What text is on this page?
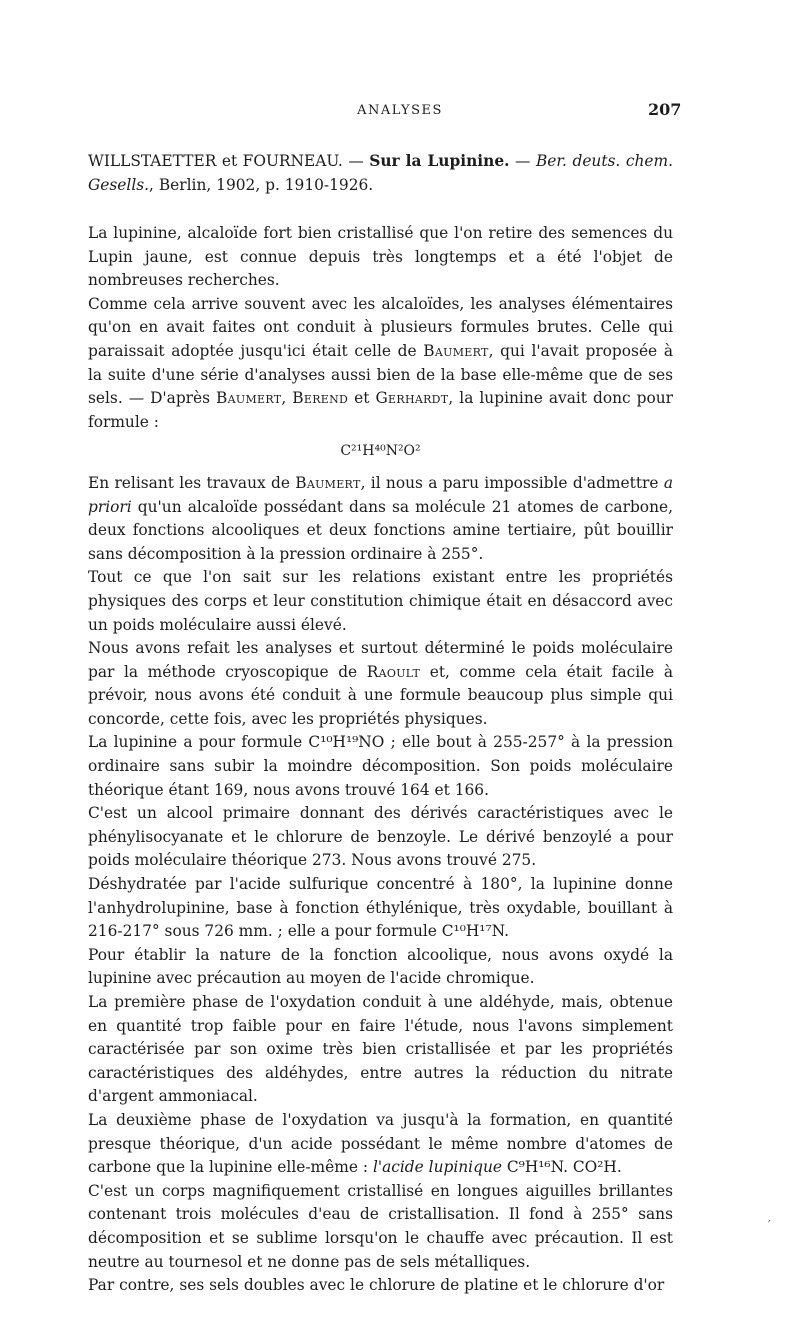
ANALYSES	207
WILLSTAETTER et FOURNEAU. — Sur la Lupinine. — Ber. deuts. chem. Gesells., Berlin, 1902, p. 1910-1926.

La lupinine, alcaloïde fort bien cristallisé que l'on retire des semences du Lupin jaune, est connue depuis très longtemps et a été l'objet de nombreuses recherches.

Comme cela arrive souvent avec les alcaloïdes, les analyses élémentaires qu'on en avait faites ont conduit à plusieurs formules brutes. Celle qui paraissait adoptée jusqu'ici était celle de Baumert, qui l'avait proposée à la suite d'une série d'analyses aussi bien de la base elle-même que de ses sels. — D'après Baumert, Berend et Gerhardt, la lupinine avait donc pour formule :

C²¹H⁴⁰N²O²

En relisant les travaux de Baumert, il nous a paru impossible d'admettre a priori qu'un alcaloïde possédant dans sa molécule 21 atomes de carbone, deux fonctions alcooliques et deux fonctions amine tertiaire, pût bouillir sans décomposition à la pression ordinaire à 255°.

Tout ce que l'on sait sur les relations existant entre les propriétés physiques des corps et leur constitution chimique était en désaccord avec un poids moléculaire aussi élevé.

Nous avons refait les analyses et surtout déterminé le poids moléculaire par la méthode cryoscopique de Raoult et, comme cela était facile à prévoir, nous avons été conduit à une formule beaucoup plus simple qui concorde, cette fois, avec les propriétés physiques.

La lupinine a pour formule C¹⁰H¹⁹NO ; elle bout à 255-257° à la pression ordinaire sans subir la moindre décomposition. Son poids moléculaire théorique étant 169, nous avons trouvé 164 et 166.

C'est un alcool primaire donnant des dérivés caractéristiques avec le phénylisocyanate et le chlorure de benzoyle. Le dérivé benzoylé a pour poids moléculaire théorique 273. Nous avons trouvé 275.

Déshydratée par l'acide sulfurique concentré à 180°, la lupinine donne l'anhydrolupinine, base à fonction éthylénique, très oxydable, bouillant à 216-217° sous 726 mm. ; elle a pour formule C¹⁰H¹⁷N.

Pour établir la nature de la fonction alcoolique, nous avons oxydé la lupinine avec précaution au moyen de l'acide chromique.

La première phase de l'oxydation conduit à une aldéhyde, mais, obtenue en quantité trop faible pour en faire l'étude, nous l'avons simplement caractérisée par son oxime très bien cristallisée et par les propriétés caractéristiques des aldéhydes, entre autres la réduction du nitrate d'argent ammoniacal.

La deuxième phase de l'oxydation va jusqu'à la formation, en quantité presque théorique, d'un acide possédant le même nombre d'atomes de carbone que la lupinine elle-même : l'acide lupinique C⁹H¹⁶N. CO²H.

C'est un corps magnifiquement cristallisé en longues aiguilles brillantes contenant trois molécules d'eau de cristallisation. Il fond à 255° sans décomposition et se sublime lorsqu'on le chauffe avec précaution. Il est neutre au tournesol et ne donne pas de sels métalliques.

Par contre, ses sels doubles avec le chlorure de platine et le chlorure d'or

′
